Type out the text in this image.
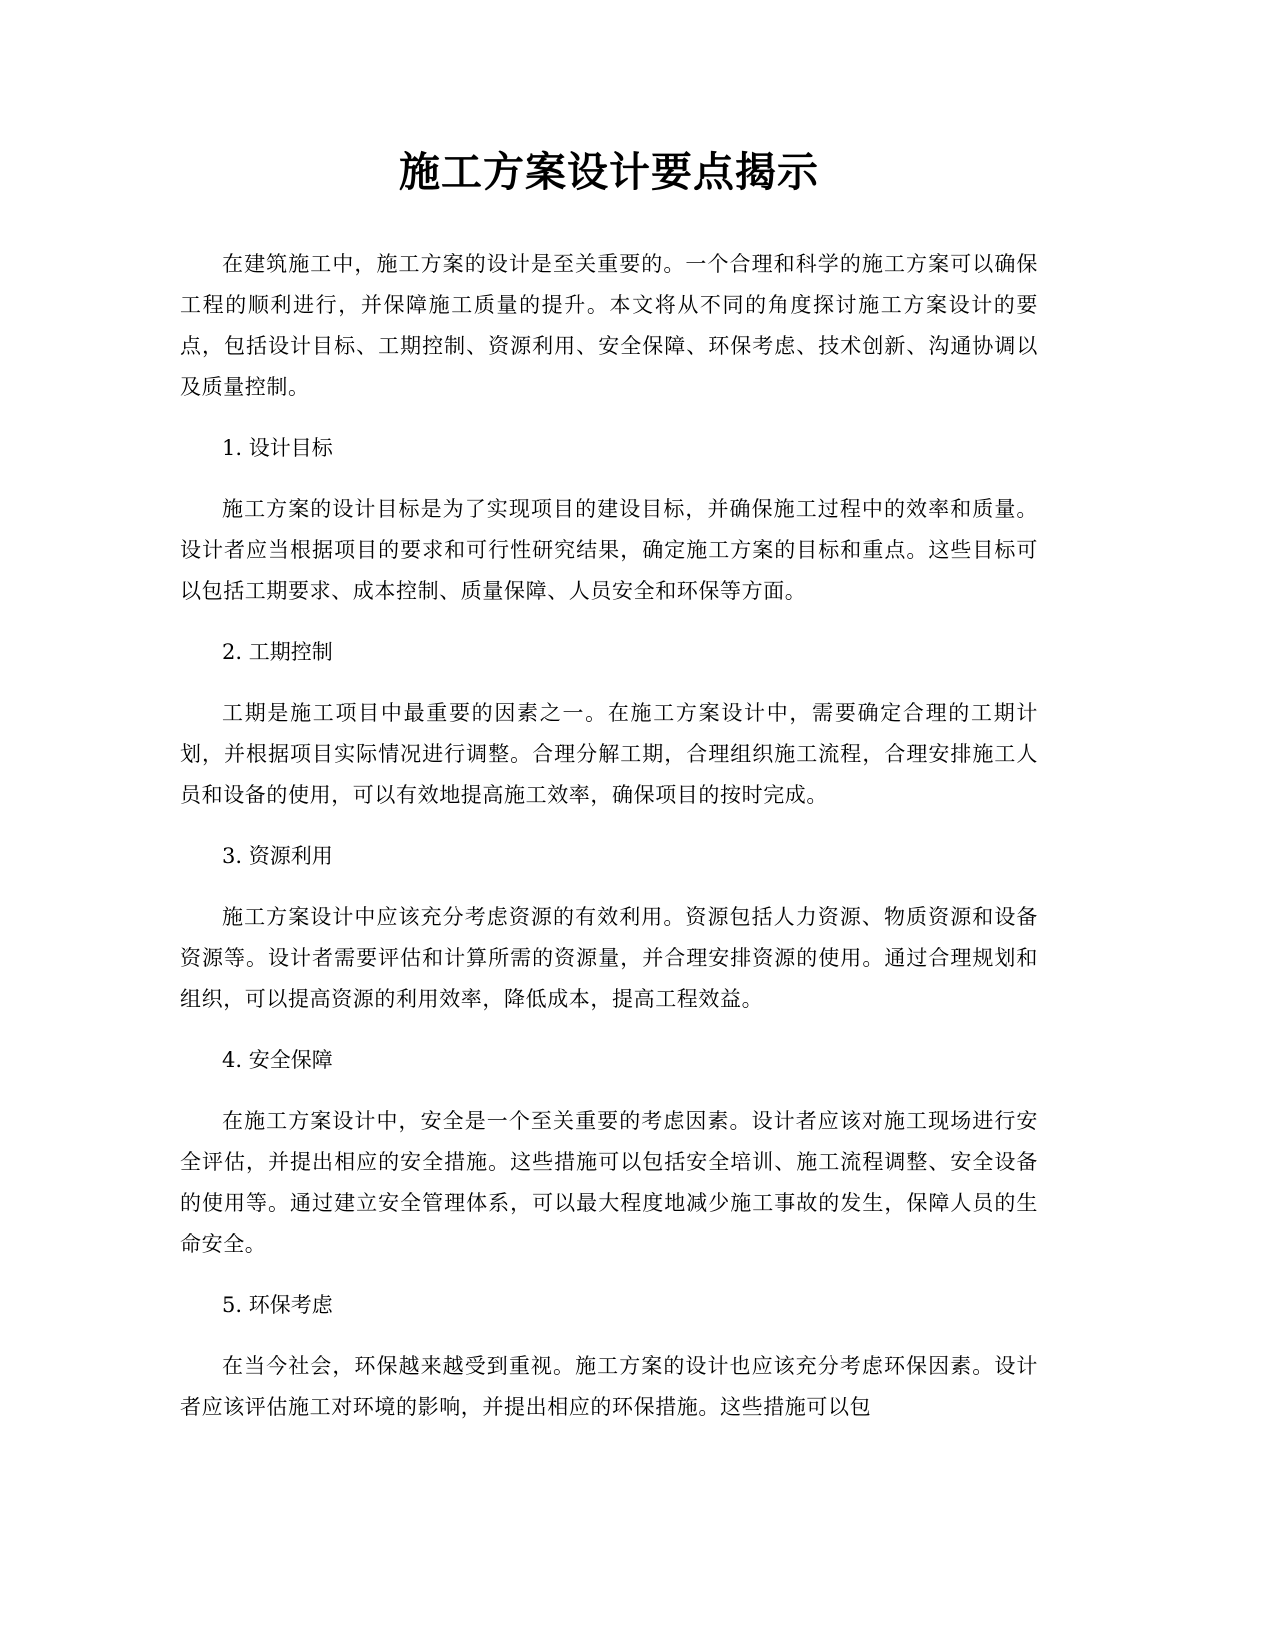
施工方案设计要点揭示

在建筑施工中，施工方案的设计是至关重要的。一个合理和科学的施工方案可以确保工程的顺利进行，并保障施工质量的提升。本文将从不同的角度探讨施工方案设计的要点，包括设计目标、工期控制、资源利用、安全保障、环保考虑、技术创新、沟通协调以及质量控制。

1. 设计目标

施工方案的设计目标是为了实现项目的建设目标，并确保施工过程中的效率和质量。设计者应当根据项目的要求和可行性研究结果，确定施工方案的目标和重点。这些目标可以包括工期要求、成本控制、质量保障、人员安全和环保等方面。

2. 工期控制

工期是施工项目中最重要的因素之一。在施工方案设计中，需要确定合理的工期计划，并根据项目实际情况进行调整。合理分解工期，合理组织施工流程，合理安排施工人员和设备的使用，可以有效地提高施工效率，确保项目的按时完成。

3. 资源利用

施工方案设计中应该充分考虑资源的有效利用。资源包括人力资源、物质资源和设备资源等。设计者需要评估和计算所需的资源量，并合理安排资源的使用。通过合理规划和组织，可以提高资源的利用效率，降低成本，提高工程效益。

4. 安全保障

在施工方案设计中，安全是一个至关重要的考虑因素。设计者应该对施工现场进行安全评估，并提出相应的安全措施。这些措施可以包括安全培训、施工流程调整、安全设备的使用等。通过建立安全管理体系，可以最大程度地减少施工事故的发生，保障人员的生命安全。

5. 环保考虑

在当今社会，环保越来越受到重视。施工方案的设计也应该充分考虑环保因素。设计者应该评估施工对环境的影响，并提出相应的环保措施。这些措施可以包
